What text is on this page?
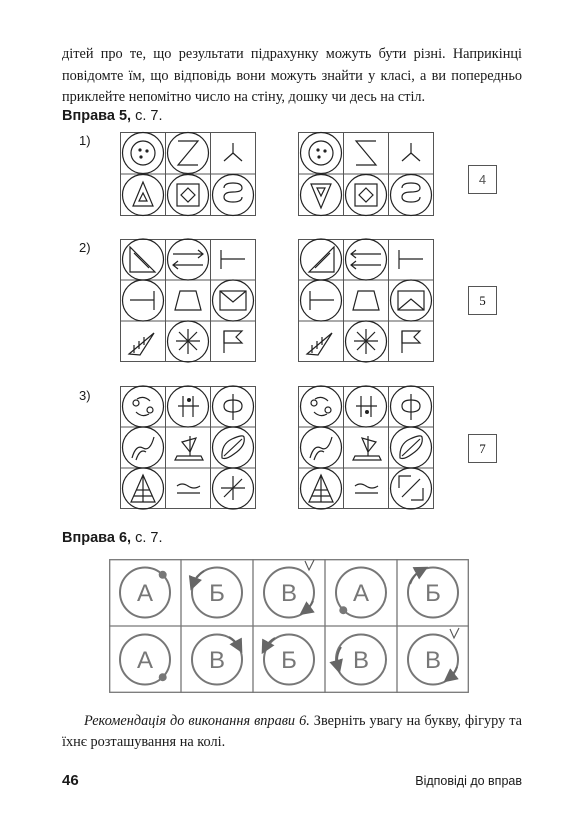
дітей про те, що результати підрахунку можуть бути різні. Наприкінці повідомте їм, що відповідь вони можуть знайти у класі, а ви попередньо приклейте непомітно число на стіну, дошку чи десь на стіл.
Вправа 5, с. 7.
1)
2)
3)
4
5
7
Вправа 6, с. 7.
А Б В А Б
А В Б В В
Рекомендація до виконання вправи 6. Зверніть увагу на букву, фігуру та їхнє розташування на колі.
46	Відповіді до вправ
